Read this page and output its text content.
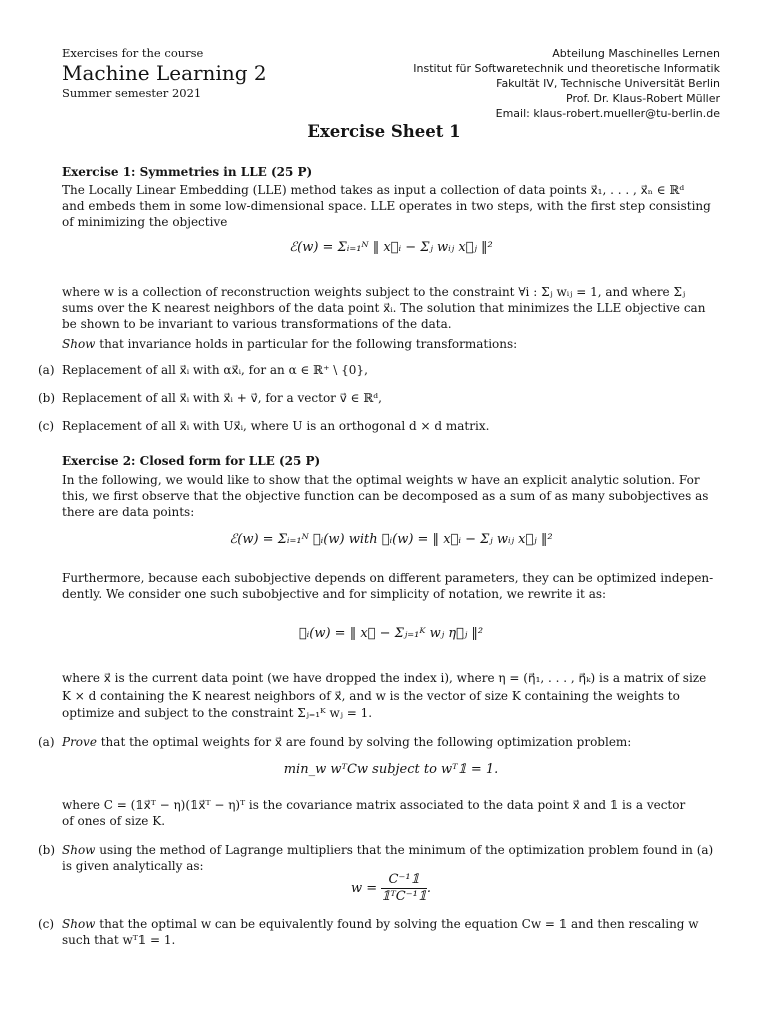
Exercises for the course
Machine Learning 2
Summer semester 2021
Abteilung Maschinelles Lernen
Institut für Softwaretechnik und theoretische Informatik
Fakultät IV, Technische Universität Berlin
Prof. Dr. Klaus-Robert Müller
Email: klaus-robert.mueller@tu-berlin.de
Exercise Sheet 1
Exercise 1: Symmetries in LLE (25 P)
The Locally Linear Embedding (LLE) method takes as input a collection of data points x⃗₁, . . . , x⃗ₙ ∈ ℝᵈ
and embeds them in some low-dimensional space. LLE operates in two steps, with the first step consisting
of minimizing the objective
ℰ(w) = Σᵢ₌₁ᴺ ‖ x⃗ᵢ − Σⱼ wᵢⱼ x⃗ⱼ ‖²
where w is a collection of reconstruction weights subject to the constraint ∀i : Σⱼ wᵢⱼ = 1, and where Σⱼ
sums over the K nearest neighbors of the data point x⃗ᵢ. The solution that minimizes the LLE objective can
be shown to be invariant to various transformations of the data.
Show that invariance holds in particular for the following transformations:
(a) Replacement of all x⃗ᵢ with αx⃗ᵢ, for an α ∈ ℝ⁺ \ {0},
(b) Replacement of all x⃗ᵢ with x⃗ᵢ + v⃗, for a vector v⃗ ∈ ℝᵈ,
(c) Replacement of all x⃗ᵢ with Ux⃗ᵢ, where U is an orthogonal d × d matrix.
Exercise 2: Closed form for LLE (25 P)
In the following, we would like to show that the optimal weights w have an explicit analytic solution. For
this, we first observe that the objective function can be decomposed as a sum of as many subobjectives as
there are data points:
ℰ(w) = Σᵢ₌₁ᴺ ℰᵢ(w) with ℰᵢ(w) = ‖ x⃗ᵢ − Σⱼ wᵢⱼ x⃗ⱼ ‖²
Furthermore, because each subobjective depends on different parameters, they can be optimized indepen-
dently. We consider one such subobjective and for simplicity of notation, we rewrite it as:
ℰᵢ(w) = ‖ x⃗ − Σⱼ₌₁ᴷ wⱼ η⃗ⱼ ‖²
where x⃗ is the current data point (we have dropped the index i), where η = (η⃗₁, . . . , η⃗ₖ) is a matrix of size
K × d containing the K nearest neighbors of x⃗, and w is the vector of size K containing the weights to
optimize and subject to the constraint Σⱼ₌₁ᴷ wⱼ = 1.
(a) Prove that the optimal weights for x⃗ are found by solving the following optimization problem:
min_w wᵀCw subject to wᵀ𝟙 = 1.
where C = (𝟙x⃗ᵀ − η)(𝟙x⃗ᵀ − η)ᵀ is the covariance matrix associated to the data point x⃗ and 𝟙 is a vector
of ones of size K.
(b) Show using the method of Lagrange multipliers that the minimum of the optimization problem found in (a)
is given analytically as:
$w = \frac{\text{C⁻¹𝟙}}{\text{𝟙ᵀC⁻¹𝟙}}$ .
(c) Show that the optimal w can be equivalently found by solving the equation Cw = 𝟙 and then rescaling w
such that wᵀ𝟙 = 1.
